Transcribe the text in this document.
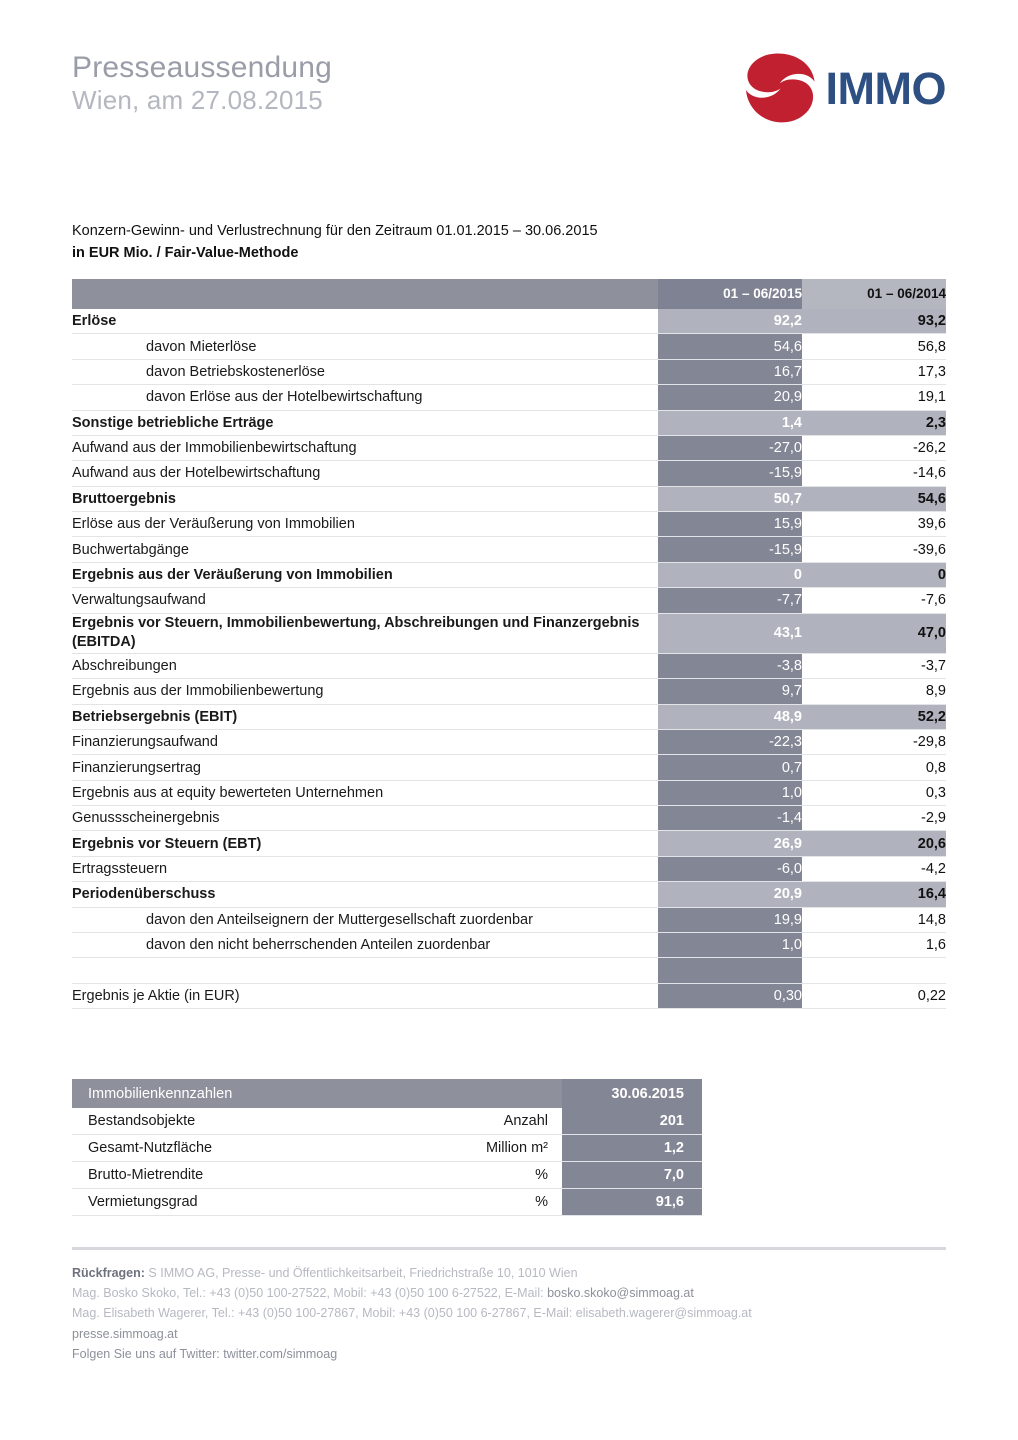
Presseaussendung
Wien, am 27.08.2015	IMMO
Konzern-Gewinn- und Verlustrechnung für den Zeitraum 01.01.2015 – 30.06.2015
in EUR Mio. / Fair-Value-Methode
	01 – 06/2015	01 – 06/2014
Erlöse	92,2	93,2
davon Mieterlöse	54,6	56,8
davon Betriebskostenerlöse	16,7	17,3
davon Erlöse aus der Hotelbewirtschaftung	20,9	19,1
Sonstige betriebliche Erträge	1,4	2,3
Aufwand aus der Immobilienbewirtschaftung	-27,0	-26,2
Aufwand aus der Hotelbewirtschaftung	-15,9	-14,6
Bruttoergebnis	50,7	54,6
Erlöse aus der Veräußerung von Immobilien	15,9	39,6
Buchwertabgänge	-15,9	-39,6
Ergebnis aus der Veräußerung von Immobilien	0	0
Verwaltungsaufwand	-7,7	-7,6

Ergebnis vor Steuern, Immobilienbewertung, Abschreibungen und Finanzergebnis (EBITDA)	43,1	47,0
Abschreibungen	-3,8	-3,7
Ergebnis aus der Immobilienbewertung	9,7	8,9
Betriebsergebnis (EBIT)	48,9	52,2
Finanzierungsaufwand	-22,3	-29,8
Finanzierungsertrag	0,7	0,8
Ergebnis aus at equity bewerteten Unternehmen	1,0	0,3
Genussscheinergebnis	-1,4	-2,9
Ergebnis vor Steuern (EBT)	26,9	20,6
Ertragssteuern	-6,0	-4,2
Periodenüberschuss	20,9	16,4
davon den Anteilseignern der Muttergesellschaft zuordenbar	19,9	14,8
davon den nicht beherrschenden Anteilen zuordenbar	1,0	1,6

Ergebnis je Aktie (in EUR)	0,30	0,22
Immobilienkennzahlen		30.06.2015
Bestandsobjekte	Anzahl	201
Gesamt-Nutzfläche	Million m²	1,2
Brutto-Mietrendite	%	7,0
Vermietungsgrad	%	91,6
Rückfragen: S IMMO AG, Presse- und Öffentlichkeitsarbeit, Friedrichstraße 10, 1010 Wien
Mag. Bosko Skoko, Tel.: +43 (0)50 100-27522, Mobil: +43 (0)50 100 6-27522, E-Mail: bosko.skoko@simmoag.at
Mag. Elisabeth Wagerer, Tel.: +43 (0)50 100-27867, Mobil: +43 (0)50 100 6-27867, E-Mail: elisabeth.wagerer@simmoag.at
presse.simmoag.at
Folgen Sie uns auf Twitter: twitter.com/simmoag
